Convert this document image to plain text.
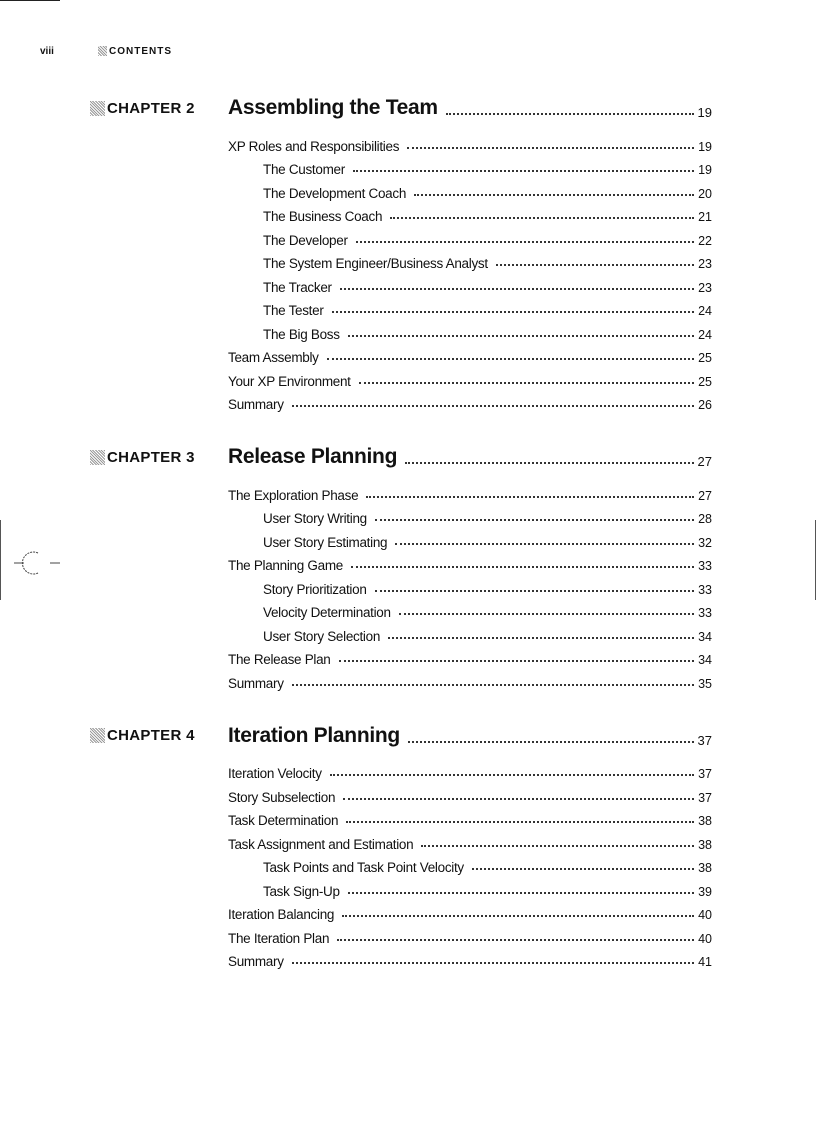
viii	CONTENTS
CHAPTER 2 Assembling the Team	19
XP Roles and Responsibilities	19
The Customer	19
The Development Coach	20
The Business Coach	21
The Developer	22
The System Engineer/Business Analyst	23
The Tracker	23
The Tester	24
The Big Boss	24
Team Assembly	25
Your XP Environment	25
Summary	26
CHAPTER 3 Release Planning	27
The Exploration Phase	27
User Story Writing	28
User Story Estimating	32
The Planning Game	33
Story Prioritization	33
Velocity Determination	33
User Story Selection	34
The Release Plan	34
Summary	35
CHAPTER 4 Iteration Planning	37
Iteration Velocity	37
Story Subselection	37
Task Determination	38
Task Assignment and Estimation	38
Task Points and Task Point Velocity	38
Task Sign-Up	39
Iteration Balancing	40
The Iteration Plan	40
Summary	41
